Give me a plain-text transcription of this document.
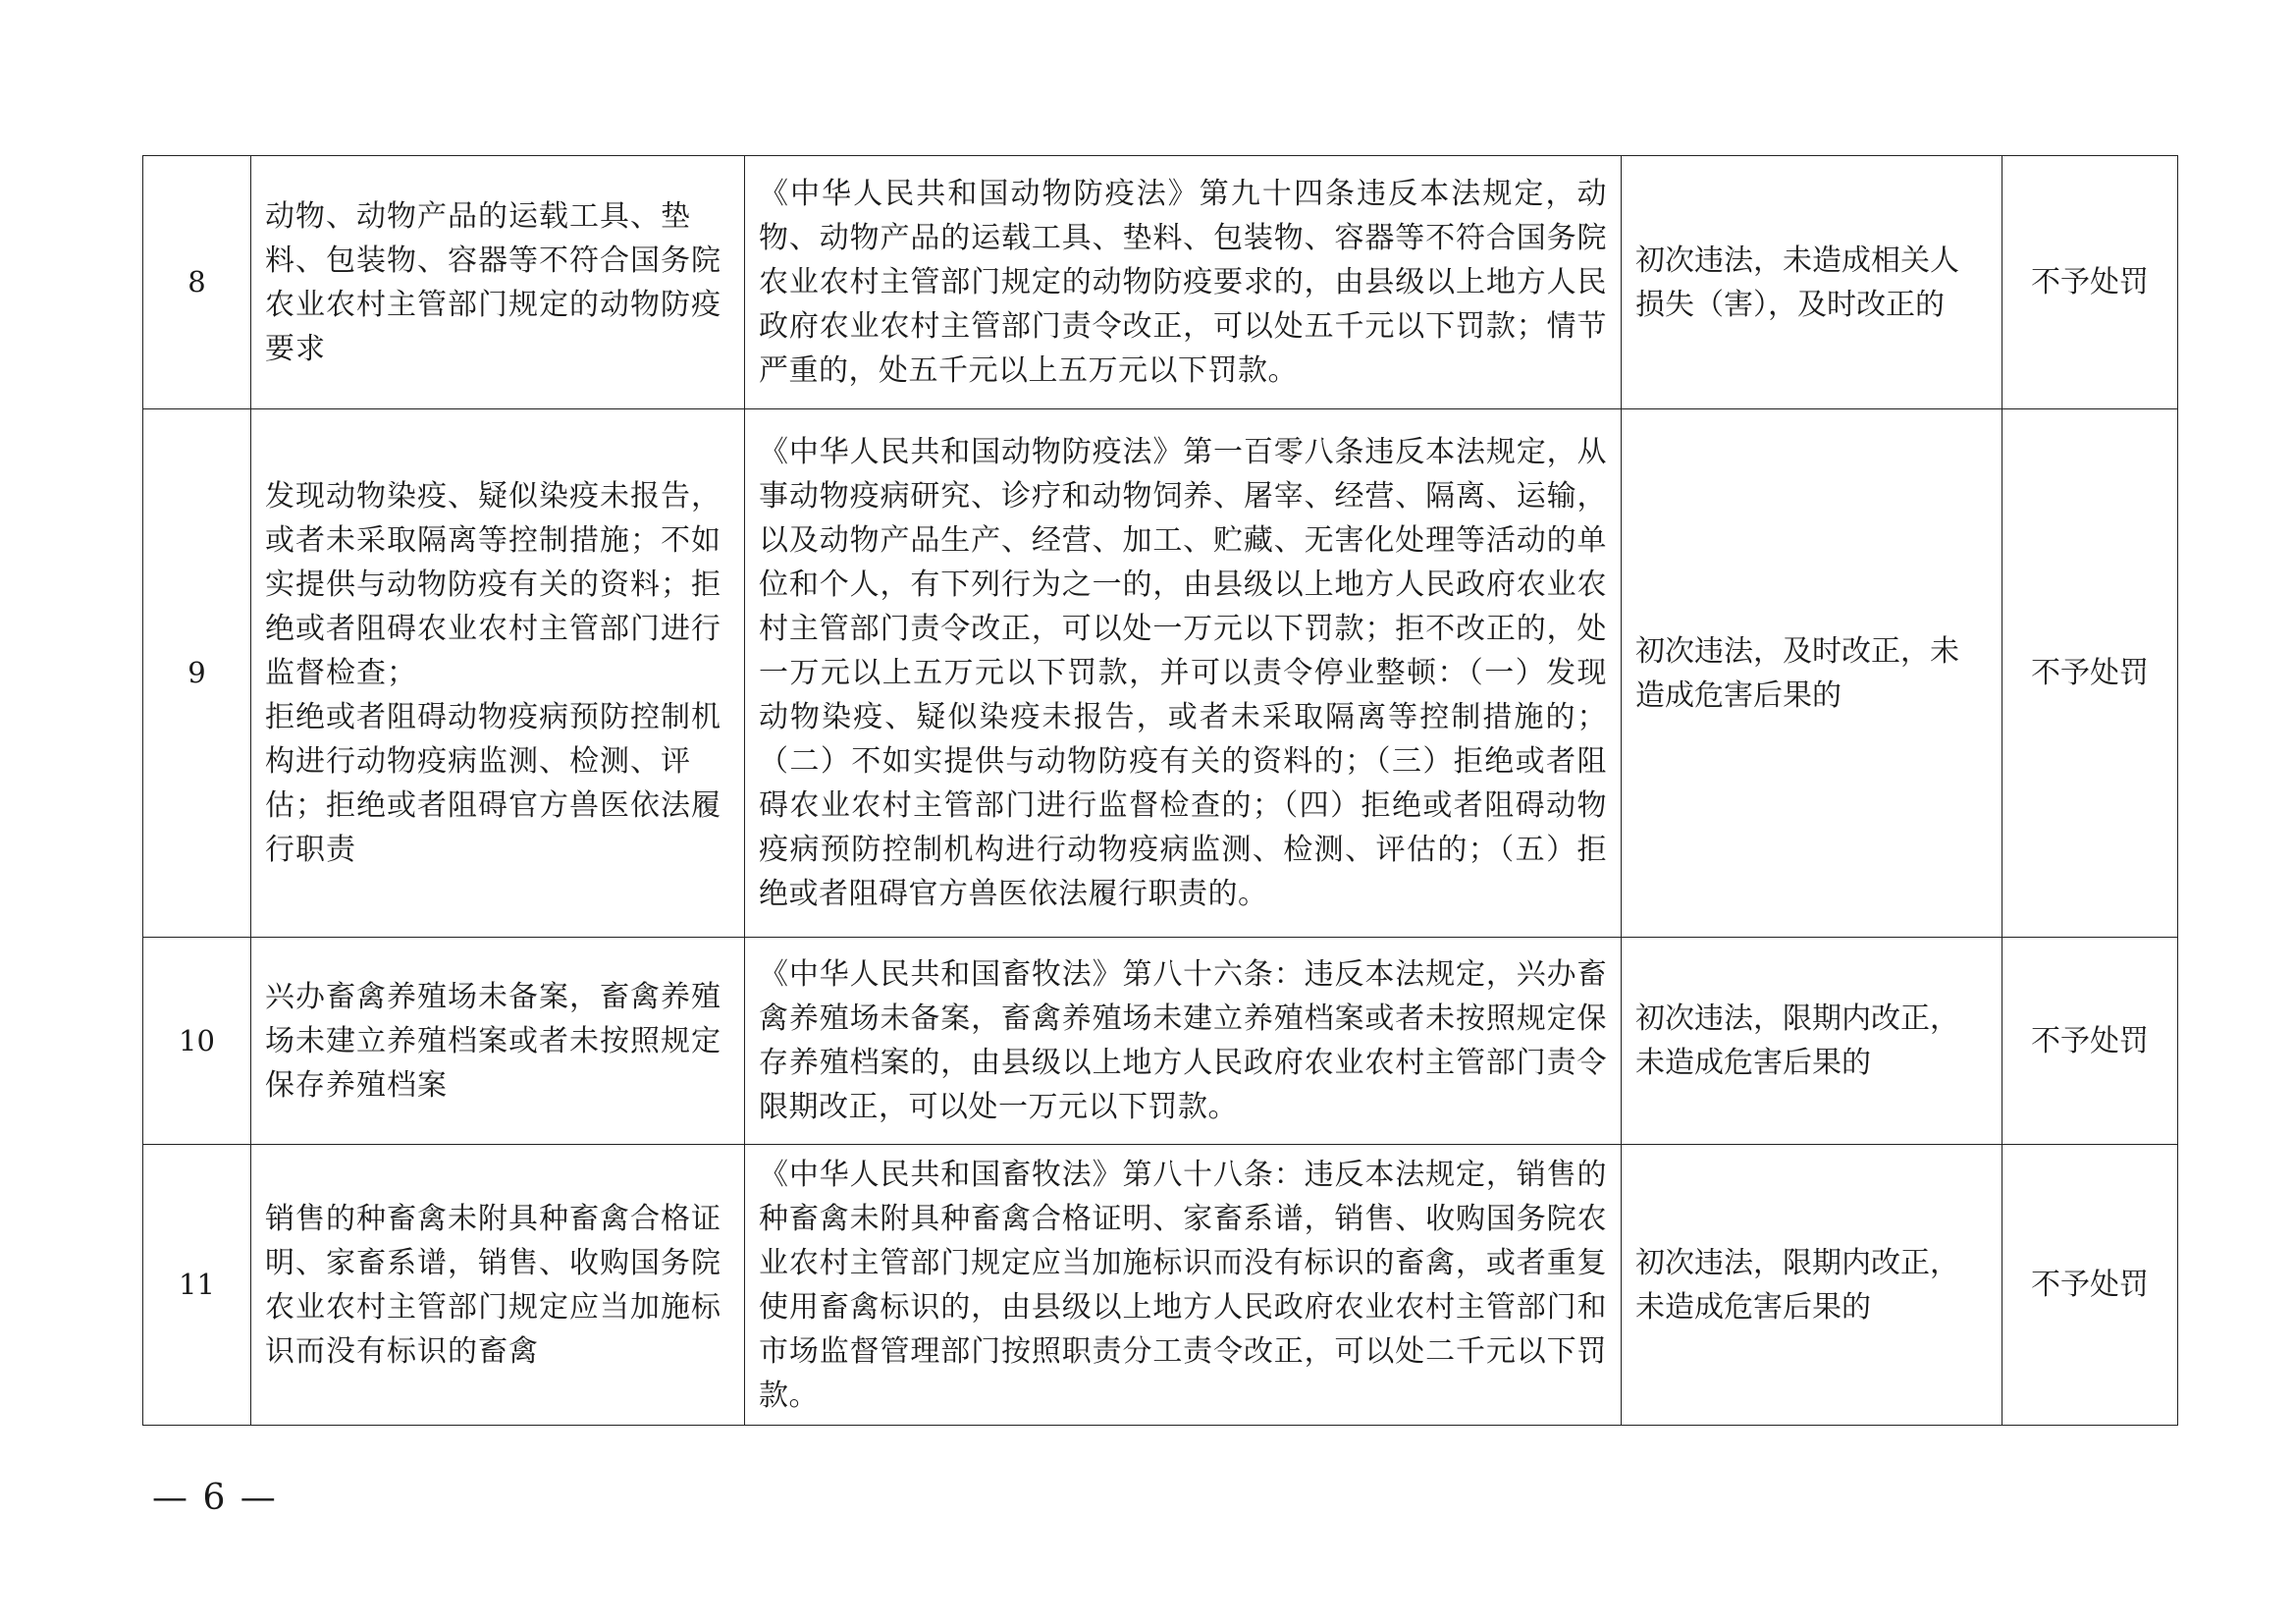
8	动物、动物产品的运载工具、垫料、包装物、容器等不符合国务院农业农村主管部门规定的动物防疫要求	《中华人民共和国动物防疫法》第九十四条违反本法规定，动物、动物产品的运载工具、垫料、包装物、容器等不符合国务院农业农村主管部门规定的动物防疫要求的，由县级以上地方人民政府农业农村主管部门责令改正，可以处五千元以下罚款；情节严重的，处五千元以上五万元以下罚款。	初次违法，未造成相关人损失（害），及时改正的	不予处罚
9	发现动物染疫、疑似染疫未报告，或者未采取隔离等控制措施；不如实提供与动物防疫有关的资料；拒绝或者阻碍农业农村主管部门进行监督检查；
拒绝或者阻碍动物疫病预防控制机构进行动物疫病监测、检测、评估；拒绝或者阻碍官方兽医依法履行职责	《中华人民共和国动物防疫法》第一百零八条违反本法规定，从事动物疫病研究、诊疗和动物饲养、屠宰、经营、隔离、运输，以及动物产品生产、经营、加工、贮藏、无害化处理等活动的单位和个人，有下列行为之一的，由县级以上地方人民政府农业农村主管部门责令改正，可以处一万元以下罚款；拒不改正的，处一万元以上五万元以下罚款，并可以责令停业整顿：（一）发现动物染疫、疑似染疫未报告，或者未采取隔离等控制措施的；（二）不如实提供与动物防疫有关的资料的；（三）拒绝或者阻碍农业农村主管部门进行监督检查的；（四）拒绝或者阻碍动物疫病预防控制机构进行动物疫病监测、检测、评估的；（五）拒绝或者阻碍官方兽医依法履行职责的。	初次违法，及时改正，未造成危害后果的	不予处罚
10	兴办畜禽养殖场未备案，畜禽养殖场未建立养殖档案或者未按照规定保存养殖档案	《中华人民共和国畜牧法》第八十六条：违反本法规定，兴办畜禽养殖场未备案，畜禽养殖场未建立养殖档案或者未按照规定保存养殖档案的，由县级以上地方人民政府农业农村主管部门责令限期改正，可以处一万元以下罚款。	初次违法，限期内改正，未造成危害后果的	不予处罚
11	销售的种畜禽未附具种畜禽合格证明、家畜系谱，销售、收购国务院农业农村主管部门规定应当加施标识而没有标识的畜禽	《中华人民共和国畜牧法》第八十八条：违反本法规定，销售的种畜禽未附具种畜禽合格证明、家畜系谱，销售、收购国务院农业农村主管部门规定应当加施标识而没有标识的畜禽，或者重复使用畜禽标识的，由县级以上地方人民政府农业农村主管部门和市场监督管理部门按照职责分工责令改正，可以处二千元以下罚款。	初次违法，限期内改正，未造成危害后果的	不予处罚
— 6 —
